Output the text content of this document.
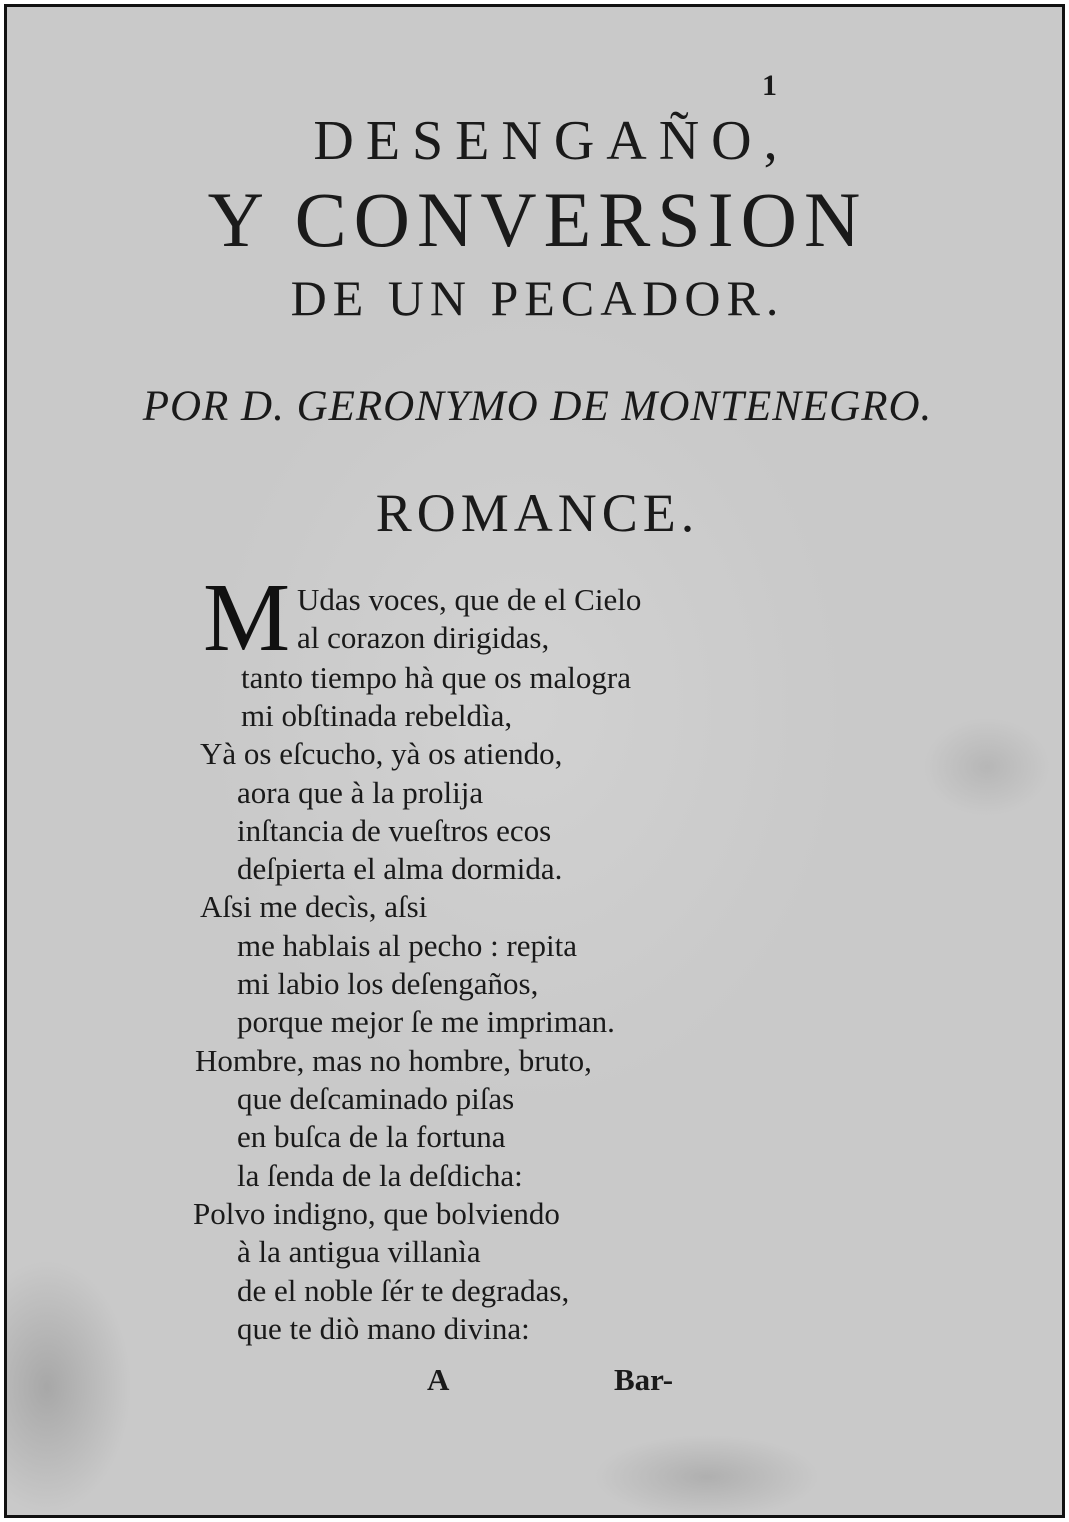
1
DESENGAÑO,
Y CONVERSION
DE UN PECADOR.
POR D. GERONYMO DE MONTENEGRO.
ROMANCE.
M Udas voces, que de el Cielo

al corazon dirigidas,

tanto tiempo hà que os malogra

mi obſtinada rebeldìa,

Yà os eſcucho, yà os atiendo,

aora que à la prolija

inſtancia de vueſtros ecos

deſpierta el alma dormida.

Aſsi me decìs, aſsi

me hablais al pecho : repita

mi labio los deſengaños,

porque mejor ſe me impriman.

Hombre, mas no hombre, bruto,

que deſcaminado piſas

en buſca de la fortuna

la ſenda de la deſdicha:

Polvo indigno, que bolviendo

à la antigua villanìa

de el noble ſér te degradas,

que te diò mano divina:

A	Bar-
